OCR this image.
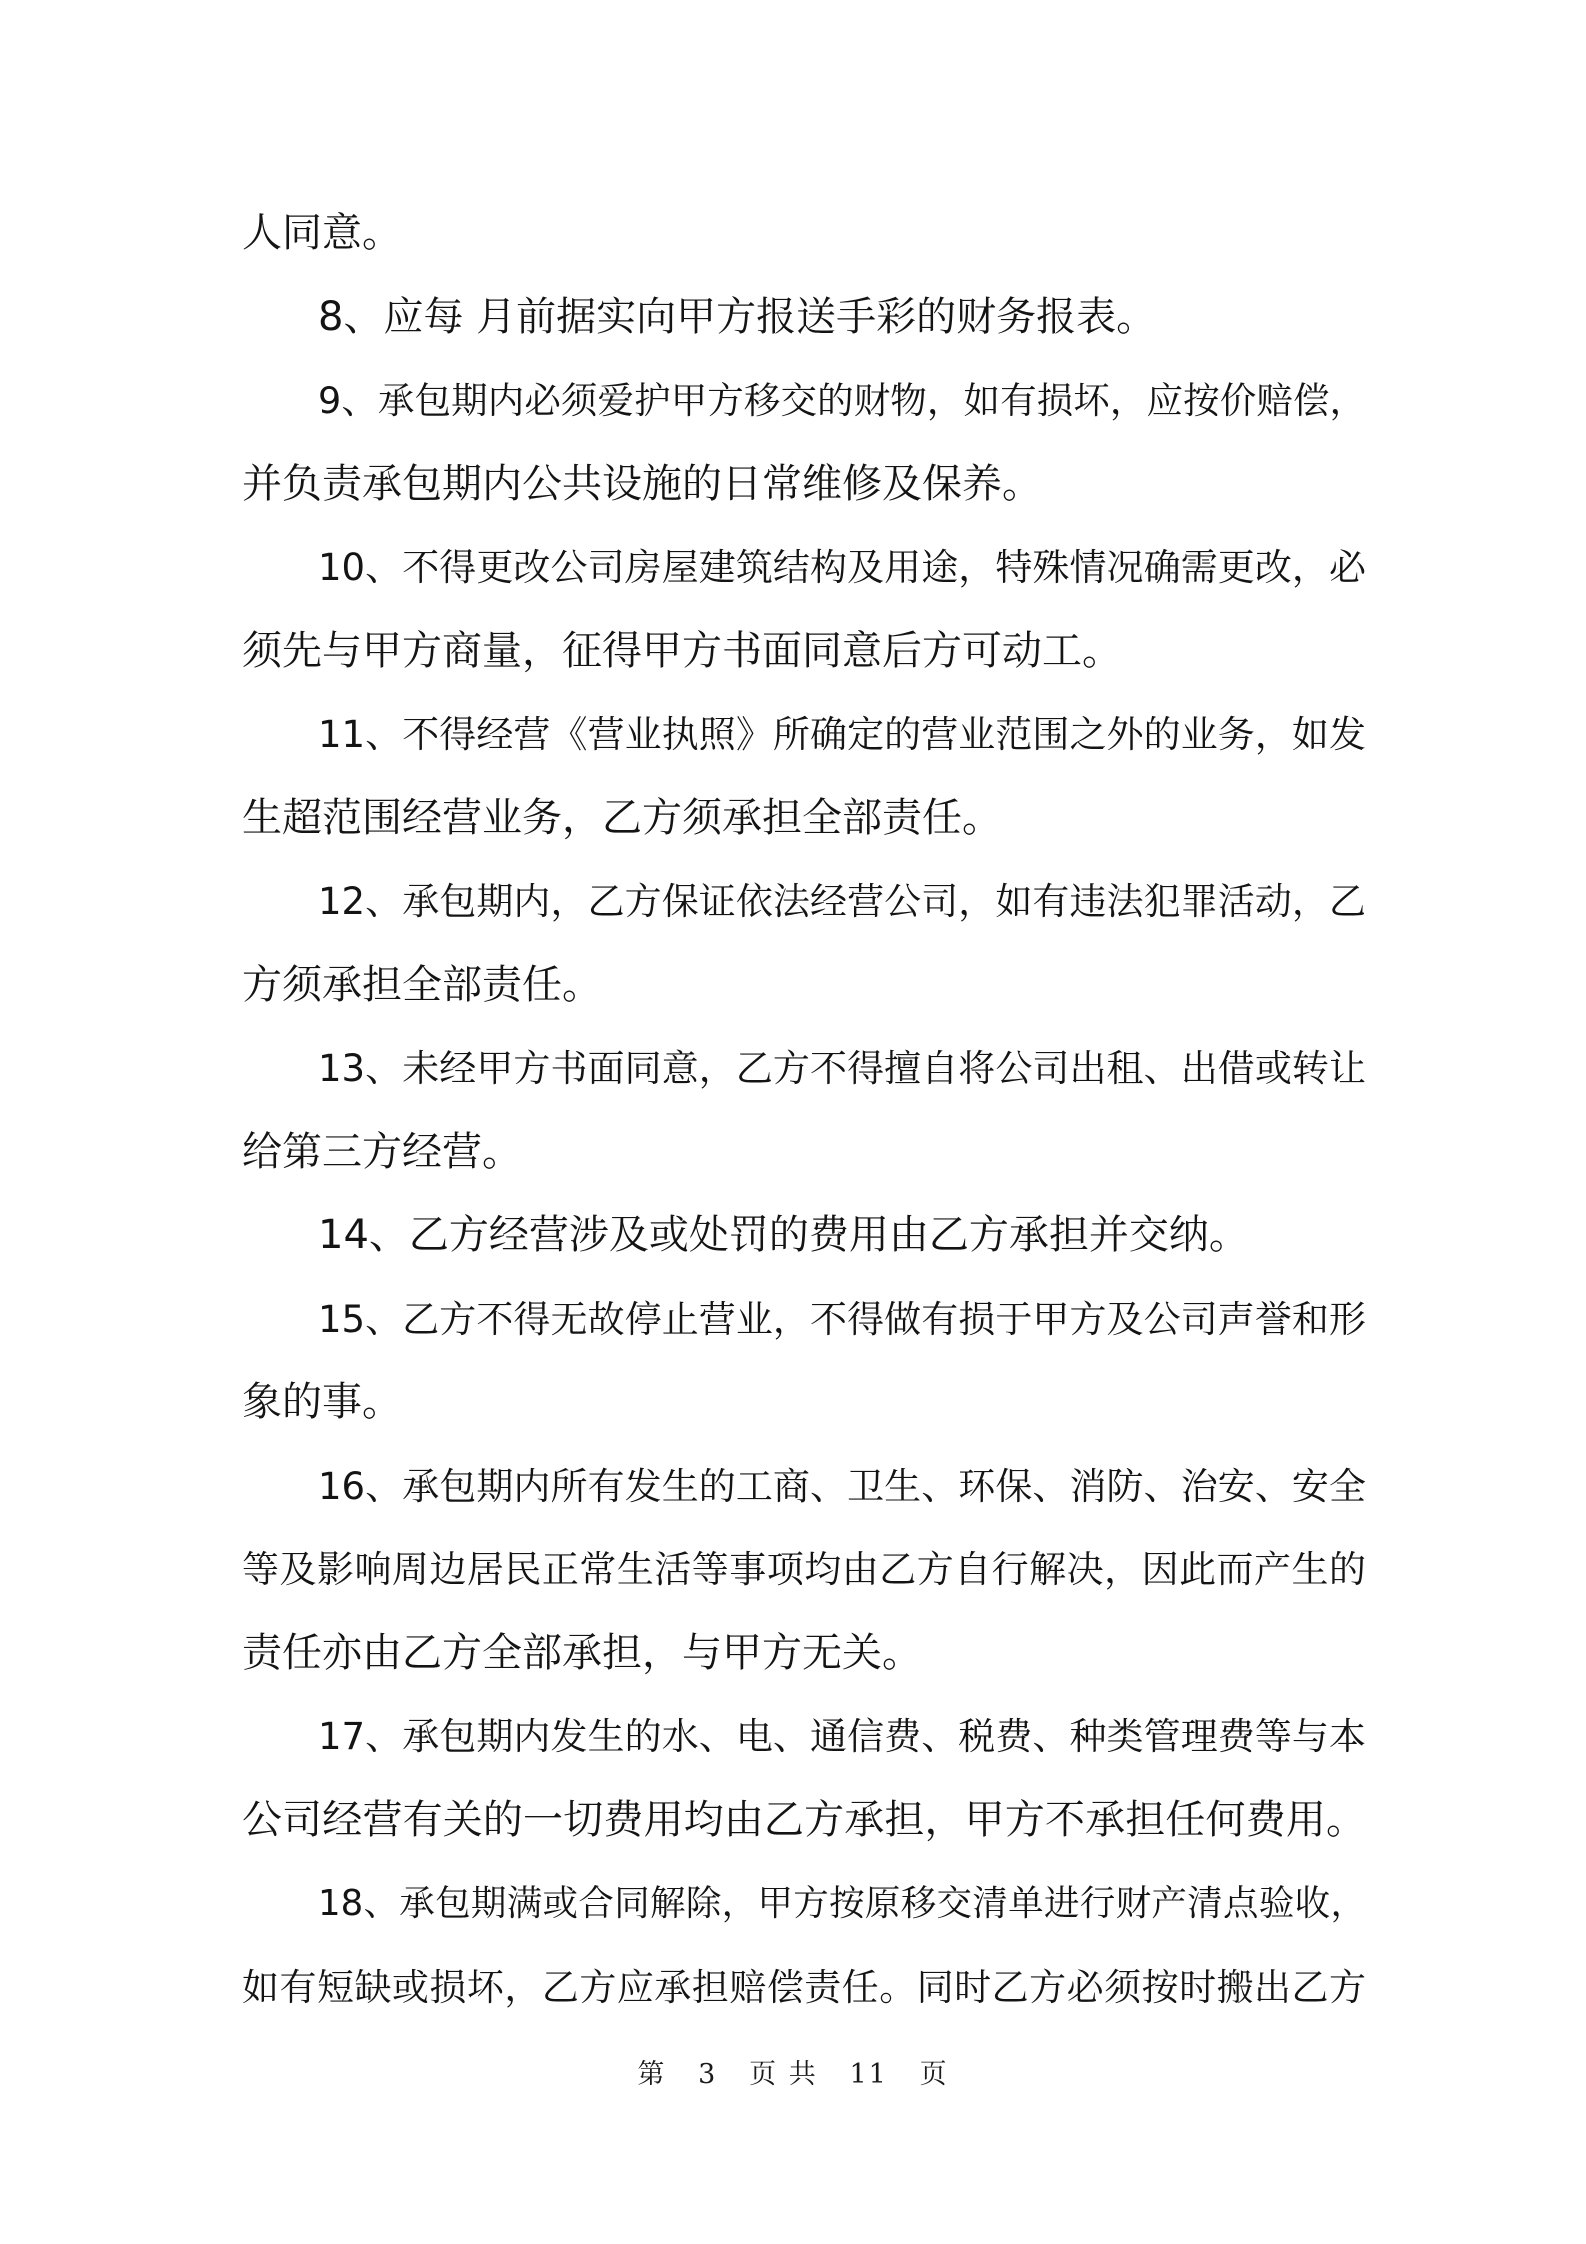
人同意。
8、应每 月前据实向甲方报送手彩的财务报表。
9、承包期内必须爱护甲方移交的财物，如有损坏，应按价赔偿，
并负责承包期内公共设施的日常维修及保养。
10、不得更改公司房屋建筑结构及用途，特殊情况确需更改，必
须先与甲方商量，征得甲方书面同意后方可动工。
11、不得经营《营业执照》所确定的营业范围之外的业务，如发
生超范围经营业务，乙方须承担全部责任。
12、承包期内，乙方保证依法经营公司，如有违法犯罪活动，乙
方须承担全部责任。
13、未经甲方书面同意，乙方不得擅自将公司出租、出借或转让
给第三方经营。
14、乙方经营涉及或处罚的费用由乙方承担并交纳。
15、乙方不得无故停止营业，不得做有损于甲方及公司声誉和形
象的事。
16、承包期内所有发生的工商、卫生、环保、消防、治安、安全
等及影响周边居民正常生活等事项均由乙方自行解决，因此而产生的
责任亦由乙方全部承担，与甲方无关。
17、承包期内发生的水、电、通信费、税费、种类管理费等与本
公司经营有关的一切费用均由乙方承担，甲方不承担任何费用。
18、承包期满或合同解除，甲方按原移交清单进行财产清点验收，
如有短缺或损坏，乙方应承担赔偿责任。同时乙方必须按时搬出乙方
第 3 页 共 11 页
